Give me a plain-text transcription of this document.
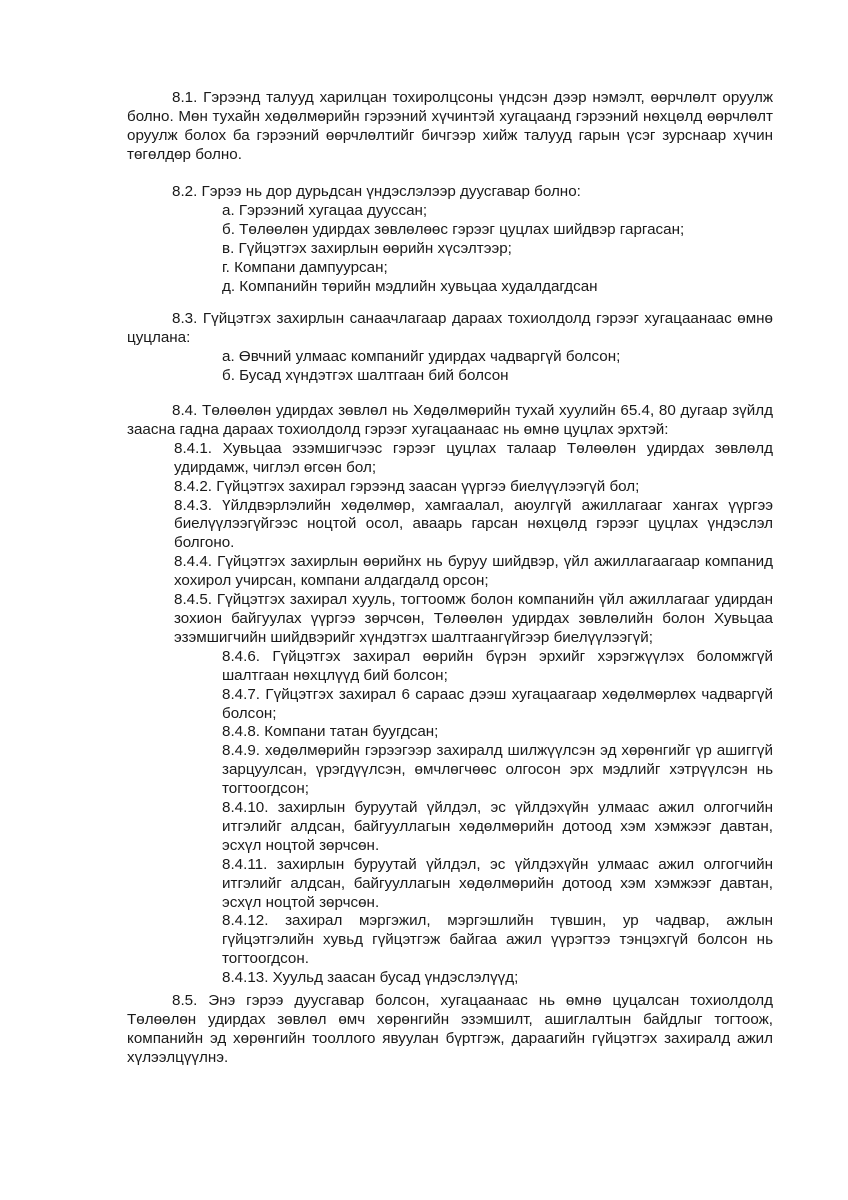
8.1. Гэрээнд талууд харилцан тохиролцсоны үндсэн дээр нэмэлт, өөрчлөлт оруулж болно. Мөн тухайн хөдөлмөрийн гэрээний хүчинтэй хугацаанд гэрээний нөхцөлд өөрчлөлт оруулж болох ба гэрээний өөрчлөлтийг бичгээр хийж талууд гарын үсэг зурснаар хүчин төгөлдөр болно.

8.2. Гэрээ нь дор дурьдсан үндэслэлээр дуусгавар болно:

а. Гэрээний хугацаа дууссан;

б. Төлөөлөн удирдах зөвлөлөөс гэрээг цуцлах шийдвэр гаргасан;

в. Гүйцэтгэх захирлын өөрийн хүсэлтээр;

г. Компани дампуурсан;

д. Компанийн төрийн мэдлийн хувьцаа худалдагдсан

8.3. Гүйцэтгэх захирлын санаачлагаар дараах тохиолдолд гэрээг хугацаанаас өмнө цуцлана:

а. Өвчний улмаас компанийг удирдах чадваргүй болсон;

б. Бусад хүндэтгэх шалтгаан бий болсон

8.4. Төлөөлөн удирдах зөвлөл нь Хөдөлмөрийн тухай хуулийн 65.4, 80 дугаар зүйлд заасна гадна дараах тохиолдолд гэрээг хугацаанаас нь өмнө цуцлах эрхтэй:

8.4.1. Хувьцаа эзэмшигчээс гэрээг цуцлах талаар Төлөөлөн удирдах зөвлөлд удирдамж, чиглэл өгсөн бол;

8.4.2. Гүйцэтгэх захирал гэрээнд заасан үүргээ биелүүлээгүй бол;

8.4.3. Үйлдвэрлэлийн хөдөлмөр, хамгаалал, аюулгүй ажиллагааг хангах үүргээ биелүүлээгүйгээс ноцтой осол, аваарь гарсан нөхцөлд гэрээг цуцлах үндэслэл болгоно.

8.4.4. Гүйцэтгэх захирлын өөрийнх нь буруу шийдвэр, үйл ажиллагаагаар компанид хохирол учирсан, компани алдагдалд орсон;

8.4.5. Гүйцэтгэх захирал хууль, тогтоомж болон компанийн үйл ажиллагааг удирдан зохион байгуулах үүргээ зөрчсөн, Төлөөлөн удирдах зөвлөлийн болон Хувьцаа эзэмшигчийн шийдвэрийг хүндэтгэх шалтгаангүйгээр биелүүлээгүй;

8.4.6. Гүйцэтгэх захирал өөрийн бүрэн эрхийг хэрэгжүүлэх боломжгүй шалтгаан нөхцлүүд бий болсон;

8.4.7. Гүйцэтгэх захирал 6 сараас дээш хугацаагаар хөдөлмөрлөх чадваргүй болсон;

8.4.8. Компани татан буугдсан;

8.4.9. хөдөлмөрийн гэрээгээр захиралд шилжүүлсэн эд хөрөнгийг үр ашиггүй зарцуулсан, үрэгдүүлсэн, өмчлөгчөөс олгосон эрх мэдлийг хэтрүүлсэн нь тогтоогдсон;

8.4.10. захирлын буруутай үйлдэл, эс үйлдэхүйн улмаас ажил олгогчийн итгэлийг алдсан, байгууллагын хөдөлмөрийн дотоод хэм хэмжээг давтан, эсхүл ноцтой зөрчсөн.

8.4.11. захирлын буруутай үйлдэл, эс үйлдэхүйн улмаас ажил олгогчийн итгэлийг алдсан, байгууллагын хөдөлмөрийн дотоод хэм хэмжээг давтан, эсхүл ноцтой зөрчсөн.

8.4.12. захирал мэргэжил, мэргэшлийн түвшин, ур чадвар, ажлын гүйцэтгэлийн хувьд гүйцэтгэж байгаа ажил үүрэгтээ тэнцэхгүй болсон нь тогтоогдсон.

8.4.13. Хуульд заасан бусад үндэслэлүүд;

8.5. Энэ гэрээ дуусгавар болсон, хугацаанаас нь өмнө цуцалсан тохиолдолд Төлөөлөн удирдах зөвлөл өмч хөрөнгийн эзэмшилт, ашиглалтын байдлыг тогтоож, компанийн эд хөрөнгийн тооллого явуулан бүртгэж, дараагийн гүйцэтгэх захиралд ажил хүлээлцүүлнэ.
